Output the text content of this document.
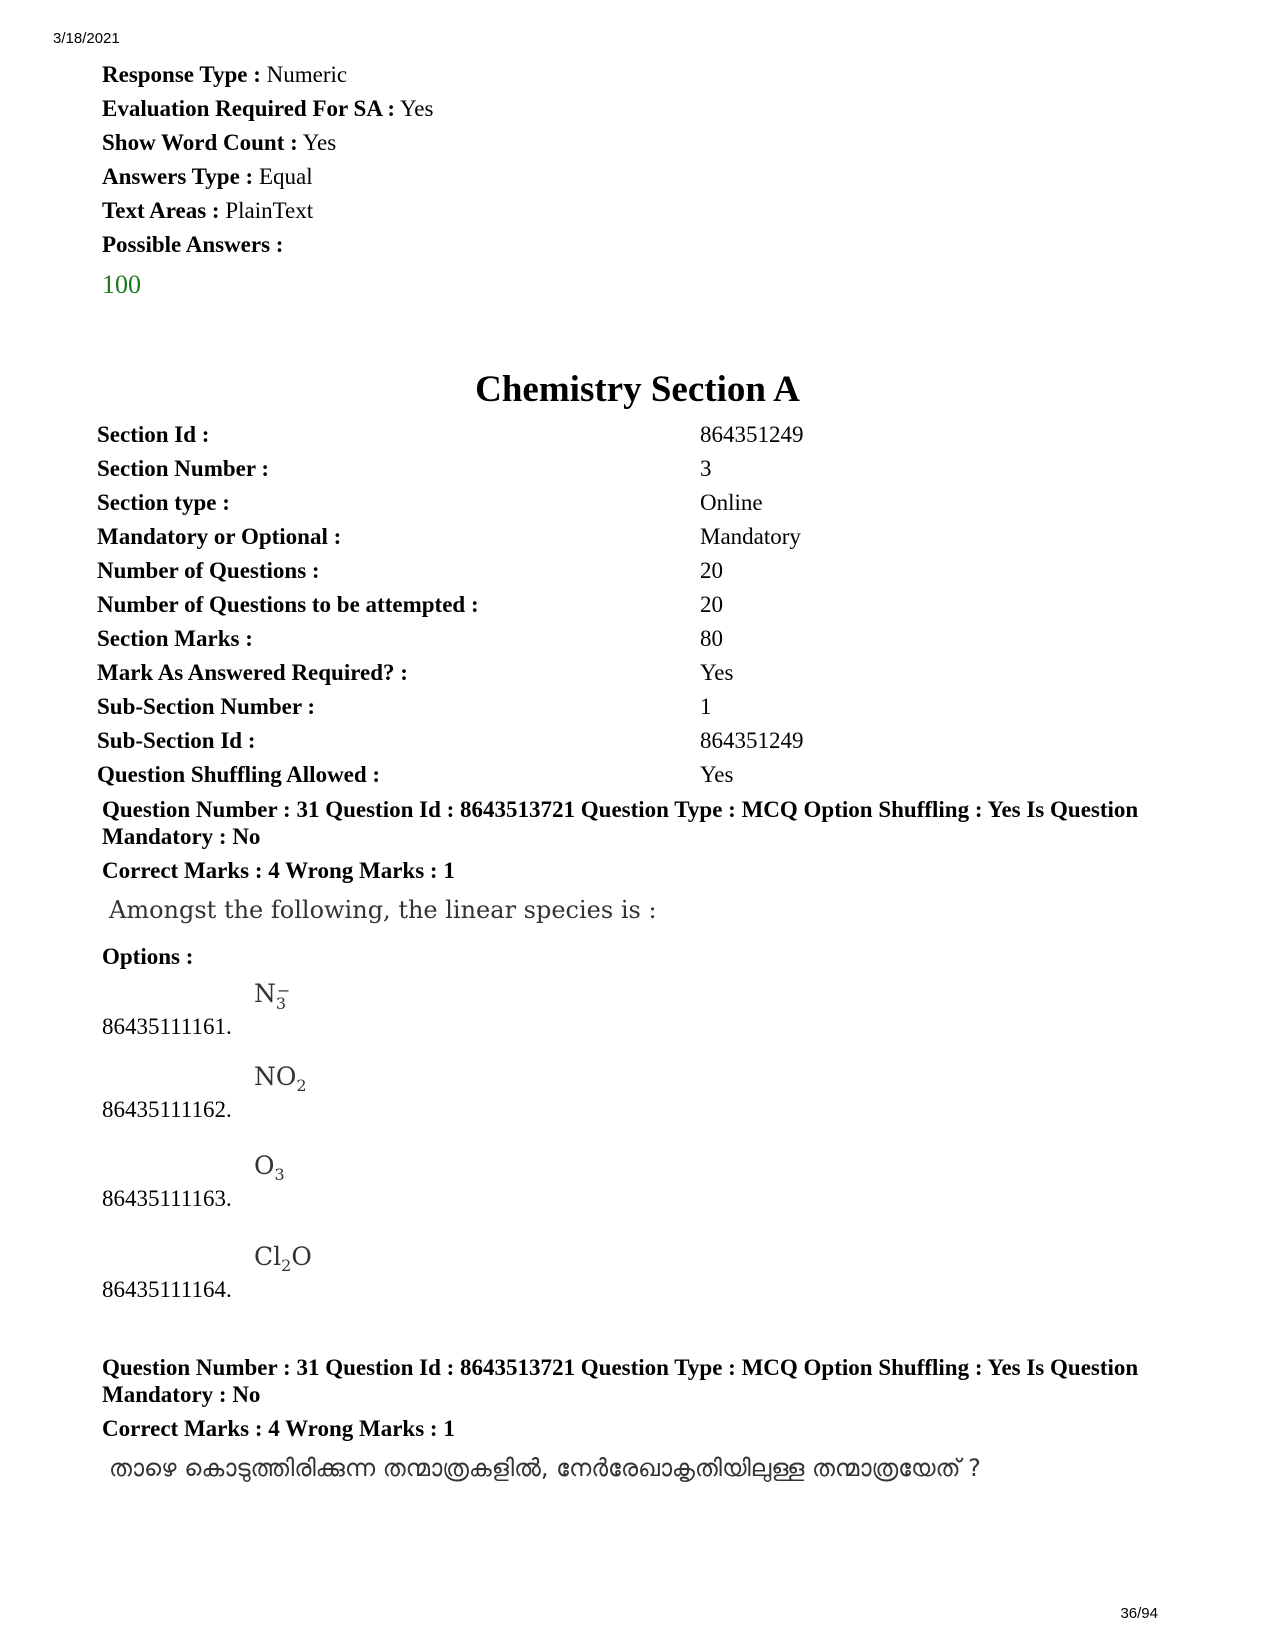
3/18/2021
Response Type : Numeric
Evaluation Required For SA : Yes
Show Word Count : Yes
Answers Type : Equal
Text Areas : PlainText
Possible Answers :
100
Chemistry Section A
Section Id :	864351249
Section Number :	3
Section type :	Online
Mandatory or Optional :	Mandatory
Number of Questions :	20
Number of Questions to be attempted :	20
Section Marks :	80
Mark As Answered Required? :	Yes
Sub-Section Number :	1
Sub-Section Id :	864351249
Question Shuffling Allowed :	Yes
Question Number : 31 Question Id : 8643513721 Question Type : MCQ Option Shuffling : Yes Is Question Mandatory : No
Correct Marks : 4 Wrong Marks : 1
Amongst the following, the linear species is :
Options :
86435111161.
N −
3
86435111162.
$NO_2$
86435111163.
$O_3$
86435111164.
$Cl_2O$
Question Number : 31 Question Id : 8643513721 Question Type : MCQ Option Shuffling : Yes Is Question Mandatory : No
Correct Marks : 4 Wrong Marks : 1
താഴെ കൊടുത്തിരിക്കുന്ന തന്മാത്രകളിൽ, നേർരേഖാകൃതിയിലുള്ള തന്മാത്രയേത് ?
36/94
